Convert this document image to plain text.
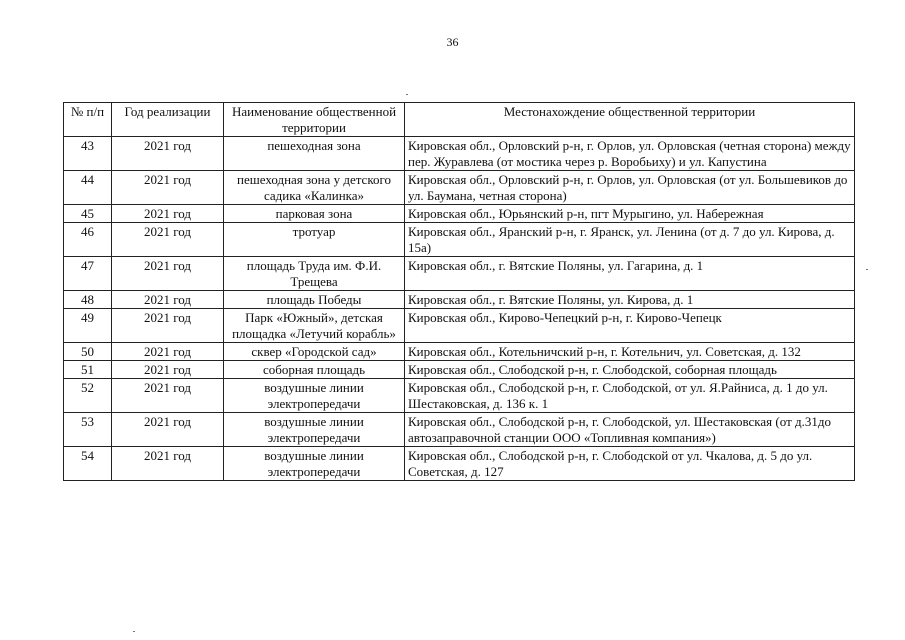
36
№ п/п	Год реализации	Наименование общественной территории	Местонахождение общественной территории
43	2021 год	пешеходная зона	Кировская обл., Орловский р-н, г. Орлов, ул. Орловская (четная сторона) между пер. Журавлева (от мостика через р. Воробьиху) и ул. Капустина
44	2021 год	пешеходная зона у детского садика «Калинка»	Кировская обл., Орловский р-н, г. Орлов, ул. Орловская (от ул. Большевиков до ул. Баумана, четная сторона)
45	2021 год	парковая зона	Кировская обл., Юрьянский р-н, пгт Мурыгино, ул. Набережная
46	2021 год	тротуар	Кировская обл., Яранский р-н, г. Яранск, ул. Ленина (от д. 7 до ул. Кирова, д. 15а)
47	2021 год	площадь Труда им. Ф.И. Трещева	Кировская обл., г. Вятские Поляны, ул. Гагарина, д. 1
48	2021 год	площадь Победы	Кировская обл., г. Вятские Поляны, ул. Кирова, д. 1
49	2021 год	Парк «Южный», детская площадка «Летучий корабль»	Кировская обл., Кирово-Чепецкий р-н, г. Кирово-Чепецк
50	2021 год	сквер «Городской сад»	Кировская обл., Котельничский р-н, г. Котельнич, ул. Советская, д. 132
51	2021 год	соборная площадь	Кировская обл., Слободской р-н, г. Слободской, соборная площадь
52	2021 год	воздушные линии электропередачи	Кировская обл., Слободской р-н, г. Слободской, от ул. Я.Райниса, д. 1 до ул. Шестаковская, д. 136 к. 1
53	2021 год	воздушные линии электропередачи	Кировская обл., Слободской р-н, г. Слободской, ул. Шестаковская (от д.31до автозаправочной станции ООО «Топливная компания»)
54	2021 год	воздушные линии электропередачи	Кировская обл., Слободской р-н, г. Слободской от ул. Чкалова, д. 5 до ул. Советская, д. 127
